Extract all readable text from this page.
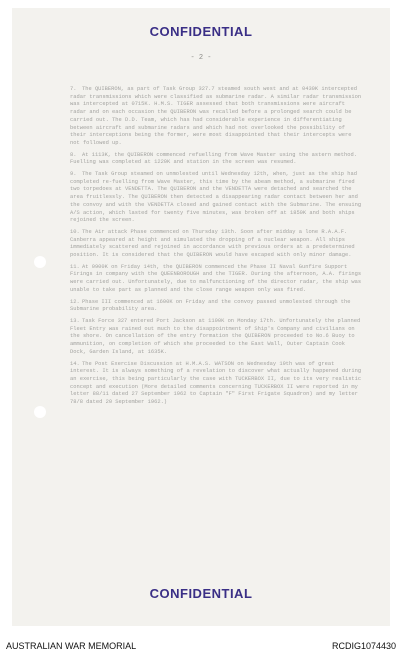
CONFIDENTIAL
- 2 -

7. The QUIBERON, as part of Task Group 327.7 steamed south west and at 0430K intercepted radar transmissions which were classified as submarine radar. A similar radar transmission was intercepted at 0715K. H.M.S. TIGER assessed that both transmissions were aircraft radar and on each occasion the QUIBERON was recalled before a prolonged search could be carried out. The D.D. Team, which has had considerable experience in differentiating between aircraft and submarine radars and which had not overlooked the possibility of their interceptions being the former, were most disappointed that their intercepts were not followed up.

8. At 1113K, the QUIBERON commenced refuelling from Wave Master using the astern method. Fuelling was completed at 1220K and station in the screen was resumed.

9. The Task Group steamed on unmolested until Wednesday 12th, when, just as the ship had completed re-fuelling from Wave Master, this time by the abeam method, a submarine fired two torpedoes at VENDETTA. The QUIBERON and the VENDETTA were detached and searched the area fruitlessly. The QUIBERON then detected a disappearing radar contact between her and the convoy and with the VENDETTA closed and gained contact with the Submarine. The ensuing A/S action, which lasted for twenty five minutes, was broken off at 1850K and both ships rejoined the screen.

10. The Air attack Phase commenced on Thursday 13th. Soon after midday a lone R.A.A.F. Canberra appeared at height and simulated the dropping of a nuclear weapon. All ships immediately scattered and rejoined in accordance with previous orders at a predetermined position. It is considered that the QUIBERON would have escaped with only minor damage.

11. At 0900K on Friday 14th, the QUIBERON commenced the Phase II Naval Gunfire Support Firings in company with the QUEENBOROUGH and the TIGER. During the afternoon, A.A. firings were carried out. Unfortunately, due to malfunctioning of the director radar, the ship was unable to take part as planned and the close range weapon only was fired.

12. Phase III commenced at 1600K on Friday and the convoy passed unmolested through the Submarine probability area.

13. Task Force 327 entered Port Jackson at 1100K on Monday 17th. Unfortunately the planned Fleet Entry was rained out much to the disappointment of Ship's Company and civilians on the shore. On cancellation of the entry formation the QUIBERON proceeded to No.6 Buoy to ammunition, on completion of which she proceeded to the East Wall, Outer Captain Cook Dock, Garden Island, at 1635K.

14. The Post Exercise Discussion at H.M.A.S. WATSON on Wednesday 19th was of great interest. It is always something of a revelation to discover what actually happened during an exercise, this being particularly the case with TUCKERBOX II, due to its very realistic concept and execution (More detailed comments concerning TUCKERBOX II were reported in my letter 88/11 dated 27 September 1962 to Captain "F" First Frigate Squadron) and my letter 78/8 dated 20 September 1962.)

CONFIDENTIAL
AUSTRALIAN WAR MEMORIAL	RCDIG1074430
